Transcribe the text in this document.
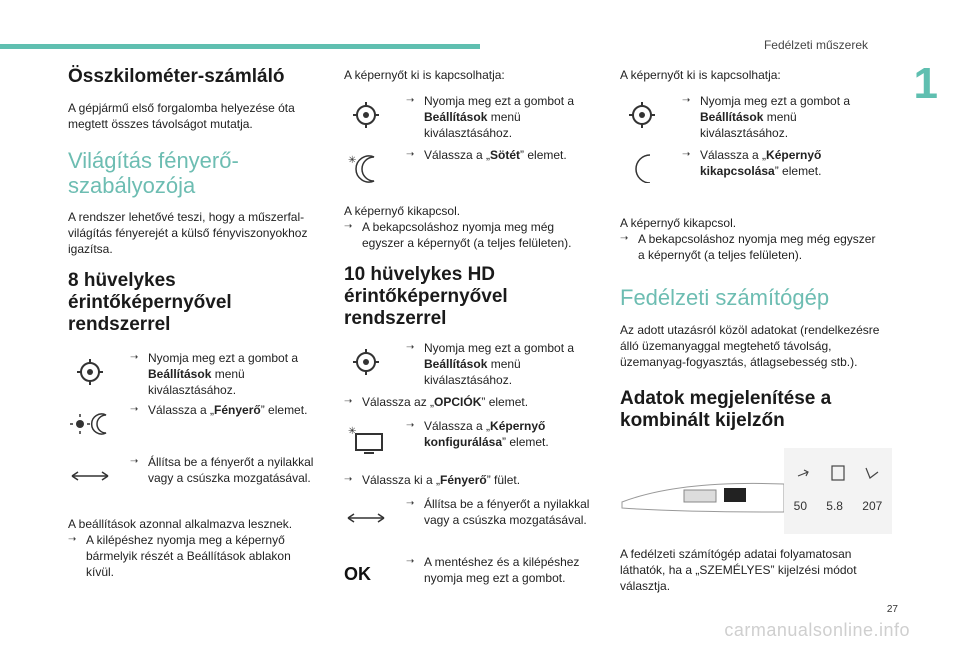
Fedélzeti műszerek
1
Összkilométer-számláló

A gépjármű első forgalomba helyezése óta megtett összes távolságot mutatja.

Világítás fényerő-szabályozója

A rendszer lehetővé teszi, hogy a műszerfal-világítás fényerejét a külső fényviszonyokhoz igazítsa.

8 hüvelykes érintőképernyővel rendszerrel
➝ Nyomja meg ezt a gombot a Beállítások menü kiválasztásához.
➝ Válassza a „Fényerő” elemet.
➝ Állítsa be a fényerőt a nyilakkal vagy a csúszka mozgatásával.

A beállítások azonnal alkalmazva lesznek.

➝ A kilépéshez nyomja meg a képernyő bármelyik részét a Beállítások ablakon kívül.

A képernyőt ki is kapcsolhatja:

➝ Nyomja meg ezt a gombot a Beállítások menü kiválasztásához.
✳
➝ Válassza a „Sötét” elemet.

A képernyő kikapcsol.

➝ A bekapcsoláshoz nyomja meg még egyszer a képernyőt (a teljes felületen).
10 hüvelykes HD érintőképernyővel rendszerrel
➝ Nyomja meg ezt a gombot a Beállítások menü kiválasztásához.
➝ Válassza az „OPCIÓK” elemet.
✳
➝ Válassza a „Képernyő konfigurálása” elemet.
➝ Válassza ki a „Fényerő” fület.
➝ Állítsa be a fényerőt a nyilakkal vagy a csúszka mozgatásával.
OK
➝ A mentéshez és a kilépéshez nyomja meg ezt a gombot.

A képernyőt ki is kapcsolhatja:

➝ Nyomja meg ezt a gombot a Beállítások menü kiválasztásához.
➝ Válassza a „Képernyő kikapcsolása” elemet.

A képernyő kikapcsol.

➝ A bekapcsoláshoz nyomja meg még egyszer a képernyőt (a teljes felületen).
Fedélzeti számítógép

Az adott utazásról közöl adatokat (rendelkezésre álló üzemanyaggal megtehető távolság, üzemanyag-fogyasztás, átlagsebesség stb.).

Adatok megjelenítése a kombinált kijelzőn
50 5.8 207

A fedélzeti számítógép adatai folyamatosan láthatók, ha a „SZEMÉLYES” kijelzési módot választja.

27
carmanualsonline.info
